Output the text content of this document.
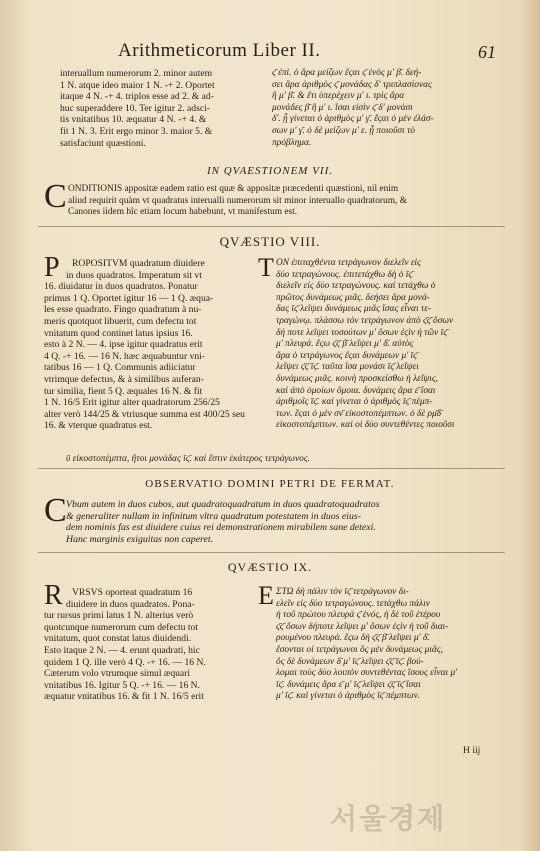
Arithmeticorum Liber II.	61
interuallum numerorum 2. minor autem
1 N. atque ideo maior 1 N. -+ 2. Oportet
itaque 4 N. -+ 4. triplos esse ad 2. & ad-
huc superaddere 10. Ter igitur 2. adsci-
tis vnitatibus 10. æquatur 4 N. -+ 4. &
fit 1 N. 3. Erit ergo minor 3. maior 5. &
satisfaciunt quæstioni.
ς̄ ἐπὶ. ὁ ἄρα μείζων ἔςαι ς̄ ἑνὸς μ' β̄. δεή-
σει ἄρα ἀριθμὸς ς̄ μονάδας δ' τριπλασίονας
ἢ μ' β̄. & ἔτι ὑπερέχειν μ' ι. τρὶς ἄρα
μονάδες β̄ ἢ μ' ι. ἴσαι εἰσὶν ς̄ δ' μονάσι
δ'. ᾗ γίνεται ὁ ἀριθμὸς μ' γ̄. ἔςαι ὁ μὲν ἐλάσ-
σων μ' γ̄. ὁ δὲ μείζων μ' ε. ᾗ ποιοῦσι τὸ
πρόβλημα.
IN QVAESTIONEM VII.
C ONDITIONIS appositæ eadem ratio est quæ & appositæ præcedenti quæstioni, nil enim
aliud requirit quàm vt quadratus interualli numerorum sit minor interuallo quadratorum, &
Canones iidem hîc etiam locum habebunt, vt manifestum est.
QVÆSTIO VIII.
P	ROPOSITVM quadratum diuidere
in duos quadratos. Imperatum sit vt
16. diuidatur in duos quadratos. Ponatur
primus 1 Q. Oportet igitur 16 — 1 Q. æqua-
les esse quadrato. Fingo quadratum à nu-
meris quotquot libuerit, cum defectu tot
vnitatum quod continet latus ipsius 16.
esto à 2 N. — 4. ipse igitur quadratus erit
4 Q. -+ 16. — 16 N. hæc æquabuntur vni-
tatibus 16 — 1 Q. Communis adiiciatur
vtrimque defectus, & à similibus auferan-
tur similia, fient 5 Q. æquales 16 N. & fit
1 N. 16/5 Erit igitur alter quadratorum 256/25
alter verò 144/25 & vtriusque summa est 400/25 seu
16. & vterque quadratus est.
T ON ἐπιταχθέντα τετράγωνον διελεῖν εἰς
δύο τετραγώνους. ἐπιτετάχθω δὴ ὁ ῑς̄
διελεῖν εἰς δύο τετραγώνους. καὶ τετάχθω ὁ
πρῶτος δυνάμεως μιᾶς. δεήσει ἄρα μονά-
δας ῑς̄ λεῖψει δυνάμεως μιᾶς ἴσας εἶναι τε-
τραγώνῳ. πλάσσω τὸν τετράγωνον ἀπὸ ς̄ς̄ ὅσων
δή ποτε λεῖψει τοσούτων μ' ὅσων ἐςὶν ἡ τῶν ῑς̄
μ' πλευρά. ἔςω ς̄ς̄ β̄ λεῖψει μ' δ̄. αὐτὸς
ἄρα ὁ τετράγωνος ἔςαι δυνάμεων μ' ῑς̄
λεῖψει ς̄ς̄ ῑς̄. ταῦτα ἴσα μονάσι ῑς̄ λεῖψει
δυνάμεως μιᾶς. κοινὴ προσκείσθω ἡ λεῖψις,
καὶ ἀπὸ ὁμοίων ὅμοια. δυνάμεις ἄρα ε̄ ἴσαι
ἀριθμοῖς ῑς̄. καὶ γίνεται ὁ ἀριθμὸς ῑς̄ πέμπ-
των. ἔςαι ὁ μὲν σν̄ εἰκοστοπέμπτων. ὁ δὲ ρμ̄δ̄
εἰκοστοπέμπτων. καὶ οἱ δύο συντεθέντες ποιοῦσι
ῡ εἰκοστοπέμπτα, ἤτοι μονάδας ῑς̄. καὶ ἔστιν ἑκάτερος τετράγωνος.
OBSERVATIO DOMINI PETRI DE FERMAT.
C Vbum autem in duos cubos, aut quadratoquadratum in duos quadratoquadratos
& generaliter nullam in infinitum vltra quadratum potestatem in duos eius-
dem nominis fas est diuidere cuius rei demonstrationem mirabilem sane detexi.
Hanc marginis exiguitas non caperet.
QVÆSTIO IX.
R VRSVS oporteat quadratum 16
diuidere in duos quadratos. Pona-
tur rursus primi latus 1 N. alterius verò
quotcunque numerorum cum defectu tot
vnitatum, quot constat latus diuidendi.
Esto itaque 2 N. — 4. erunt quadrati, hic
quidem 1 Q. ille verò 4 Q. -+ 16. — 16 N.
Cæterum volo vtrumque simul æquari
vnitatibus 16. Igitur 5 Q. -+ 16. — 16 N.
æquatur vnitatibus 16. & fit 1 N. 16/5 erit
E ΣΤΩ δὴ πάλιν τὸν ῑς̄ τετράγωνον δι-
ελεῖν εἰς δύο τετραγώνους. τετάχθω πάλιν
ἡ τοῦ πρώτου πλευρὰ ς̄ ἑνός, ἡ δὲ τοῦ ἑτέρου
ς̄ς̄ ὅσων δήποτε λεῖψει μ' ὅσων ἐςὶν ἡ τοῦ διαι-
ρουμένου πλευρά. ἔςω δὴ ς̄ς̄ β̄ λεῖψει μ' δ̄.
ἔσονται οἱ τετράγωνοι ὃς μὲν δυνάμεως μιᾶς,
ὃς δὲ δυνάμεων δ̄ μ' ῑς̄ λεῖψει ς̄ς̄ ῑς̄. βού-
λομαι τοὺς δύο λοιπὸν συντεθέντας ἴσους εἶναι μ'
ῑς̄. δυνάμεις ἄρα ε̄ μ' ῑς̄ λεῖψει ς̄ς̄ ῑς̄ ἴσαι
μ' ῑς̄. καὶ γίνεται ὁ ἀριθμὸς ῑς̄ πέμπτων.
H iij
서울경제
